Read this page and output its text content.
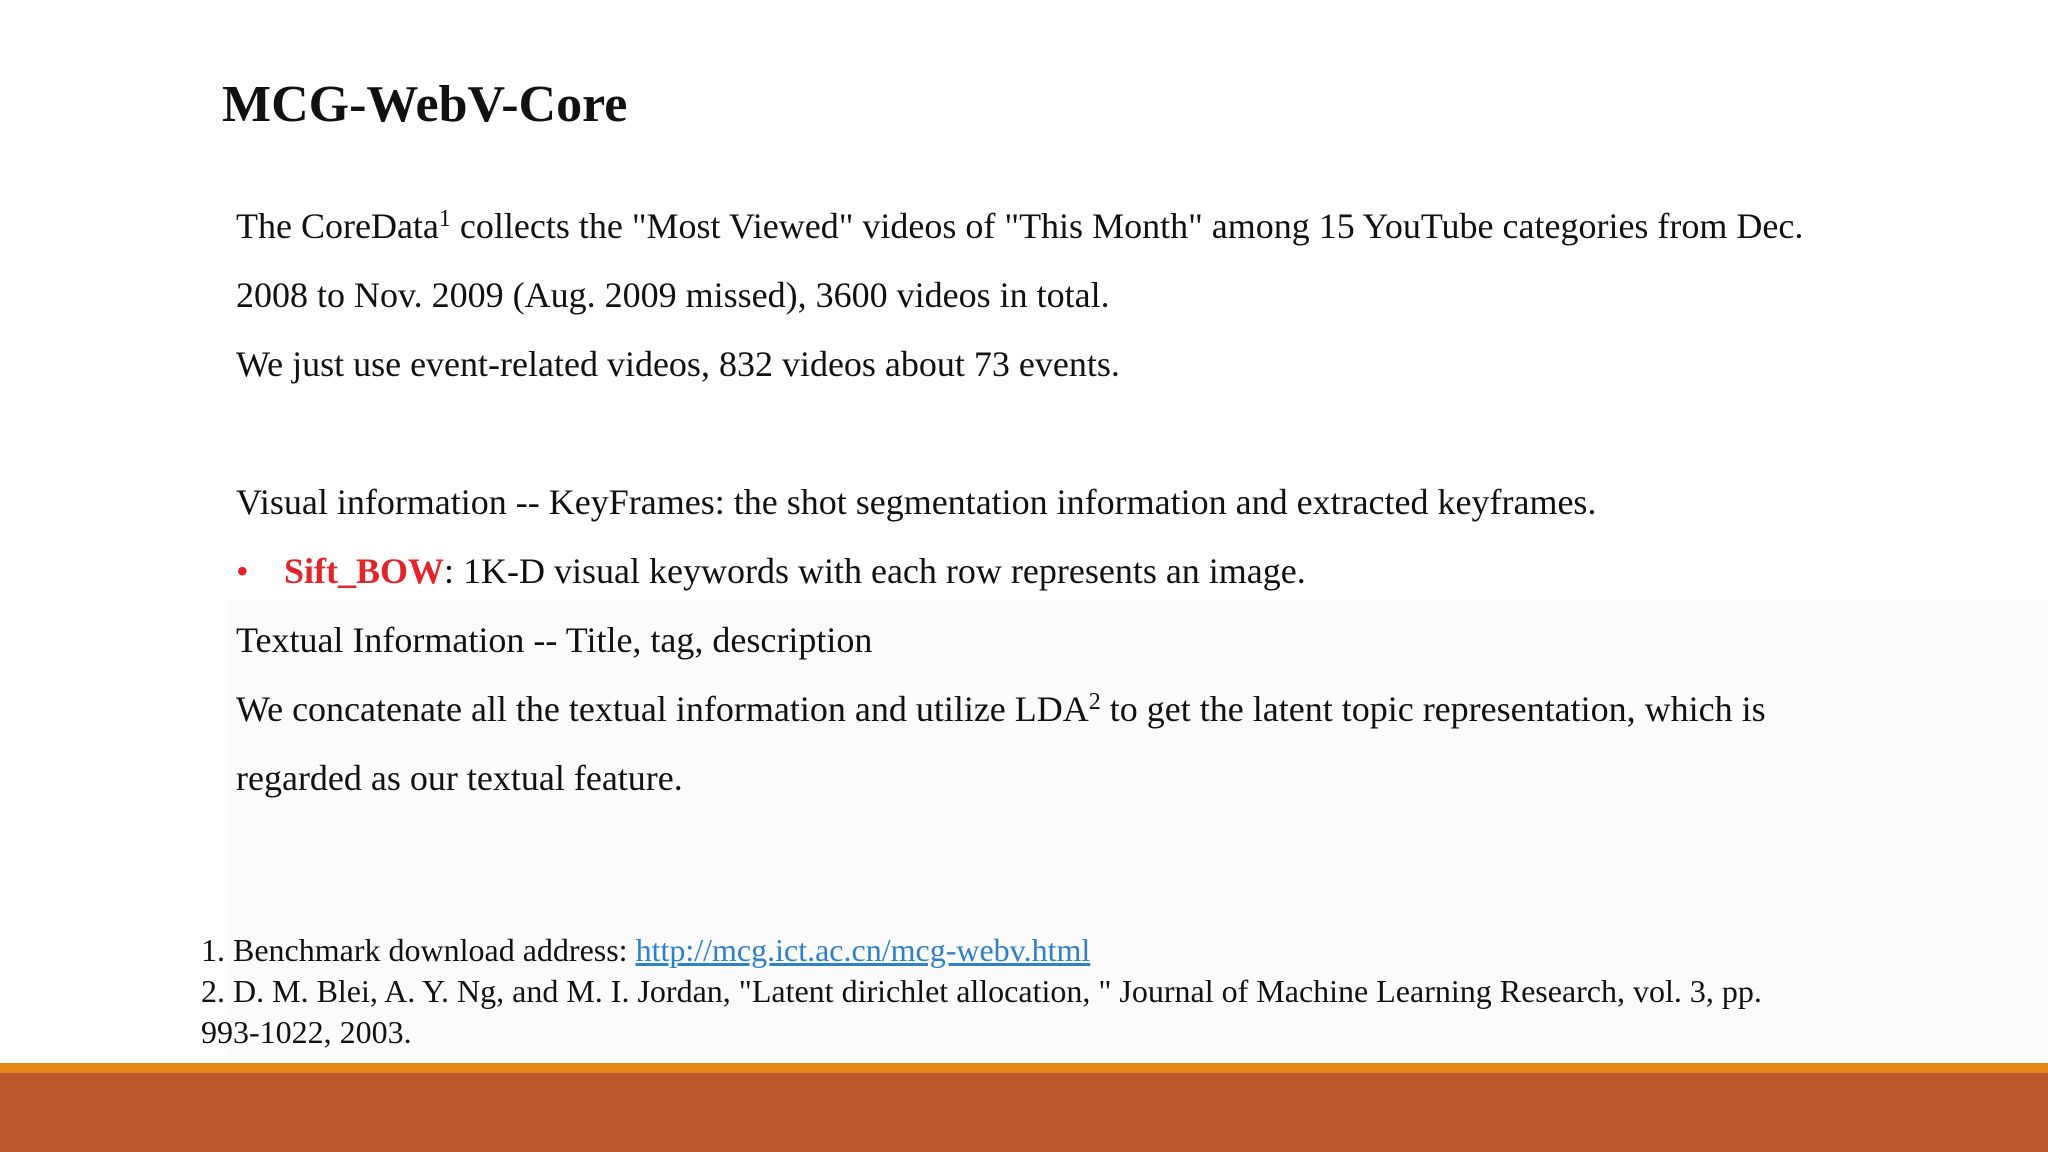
MCG-WebV-Core
The CoreData$^1$ collects the "Most Viewed" videos of "This Month" among 15 YouTube categories from Dec.
2008 to Nov. 2009 (Aug. 2009 missed), 3600 videos in total.
We just use event-related videos, 832 videos about 73 events.
Visual information -- KeyFrames: the shot segmentation information and extracted keyframes.
• Sift_BOW: 1K-D visual keywords with each row represents an image.
Textual Information -- Title, tag, description
We concatenate all the textual information and utilize LDA$^2$ to get the latent topic representation, which is
regarded as our textual feature.
1. Benchmark download address: http://mcg.ict.ac.cn/mcg-webv.html
2. D. M. Blei, A. Y. Ng, and M. I. Jordan, "Latent dirichlet allocation, " Journal of Machine Learning Research, vol. 3, pp.
993-1022, 2003.
